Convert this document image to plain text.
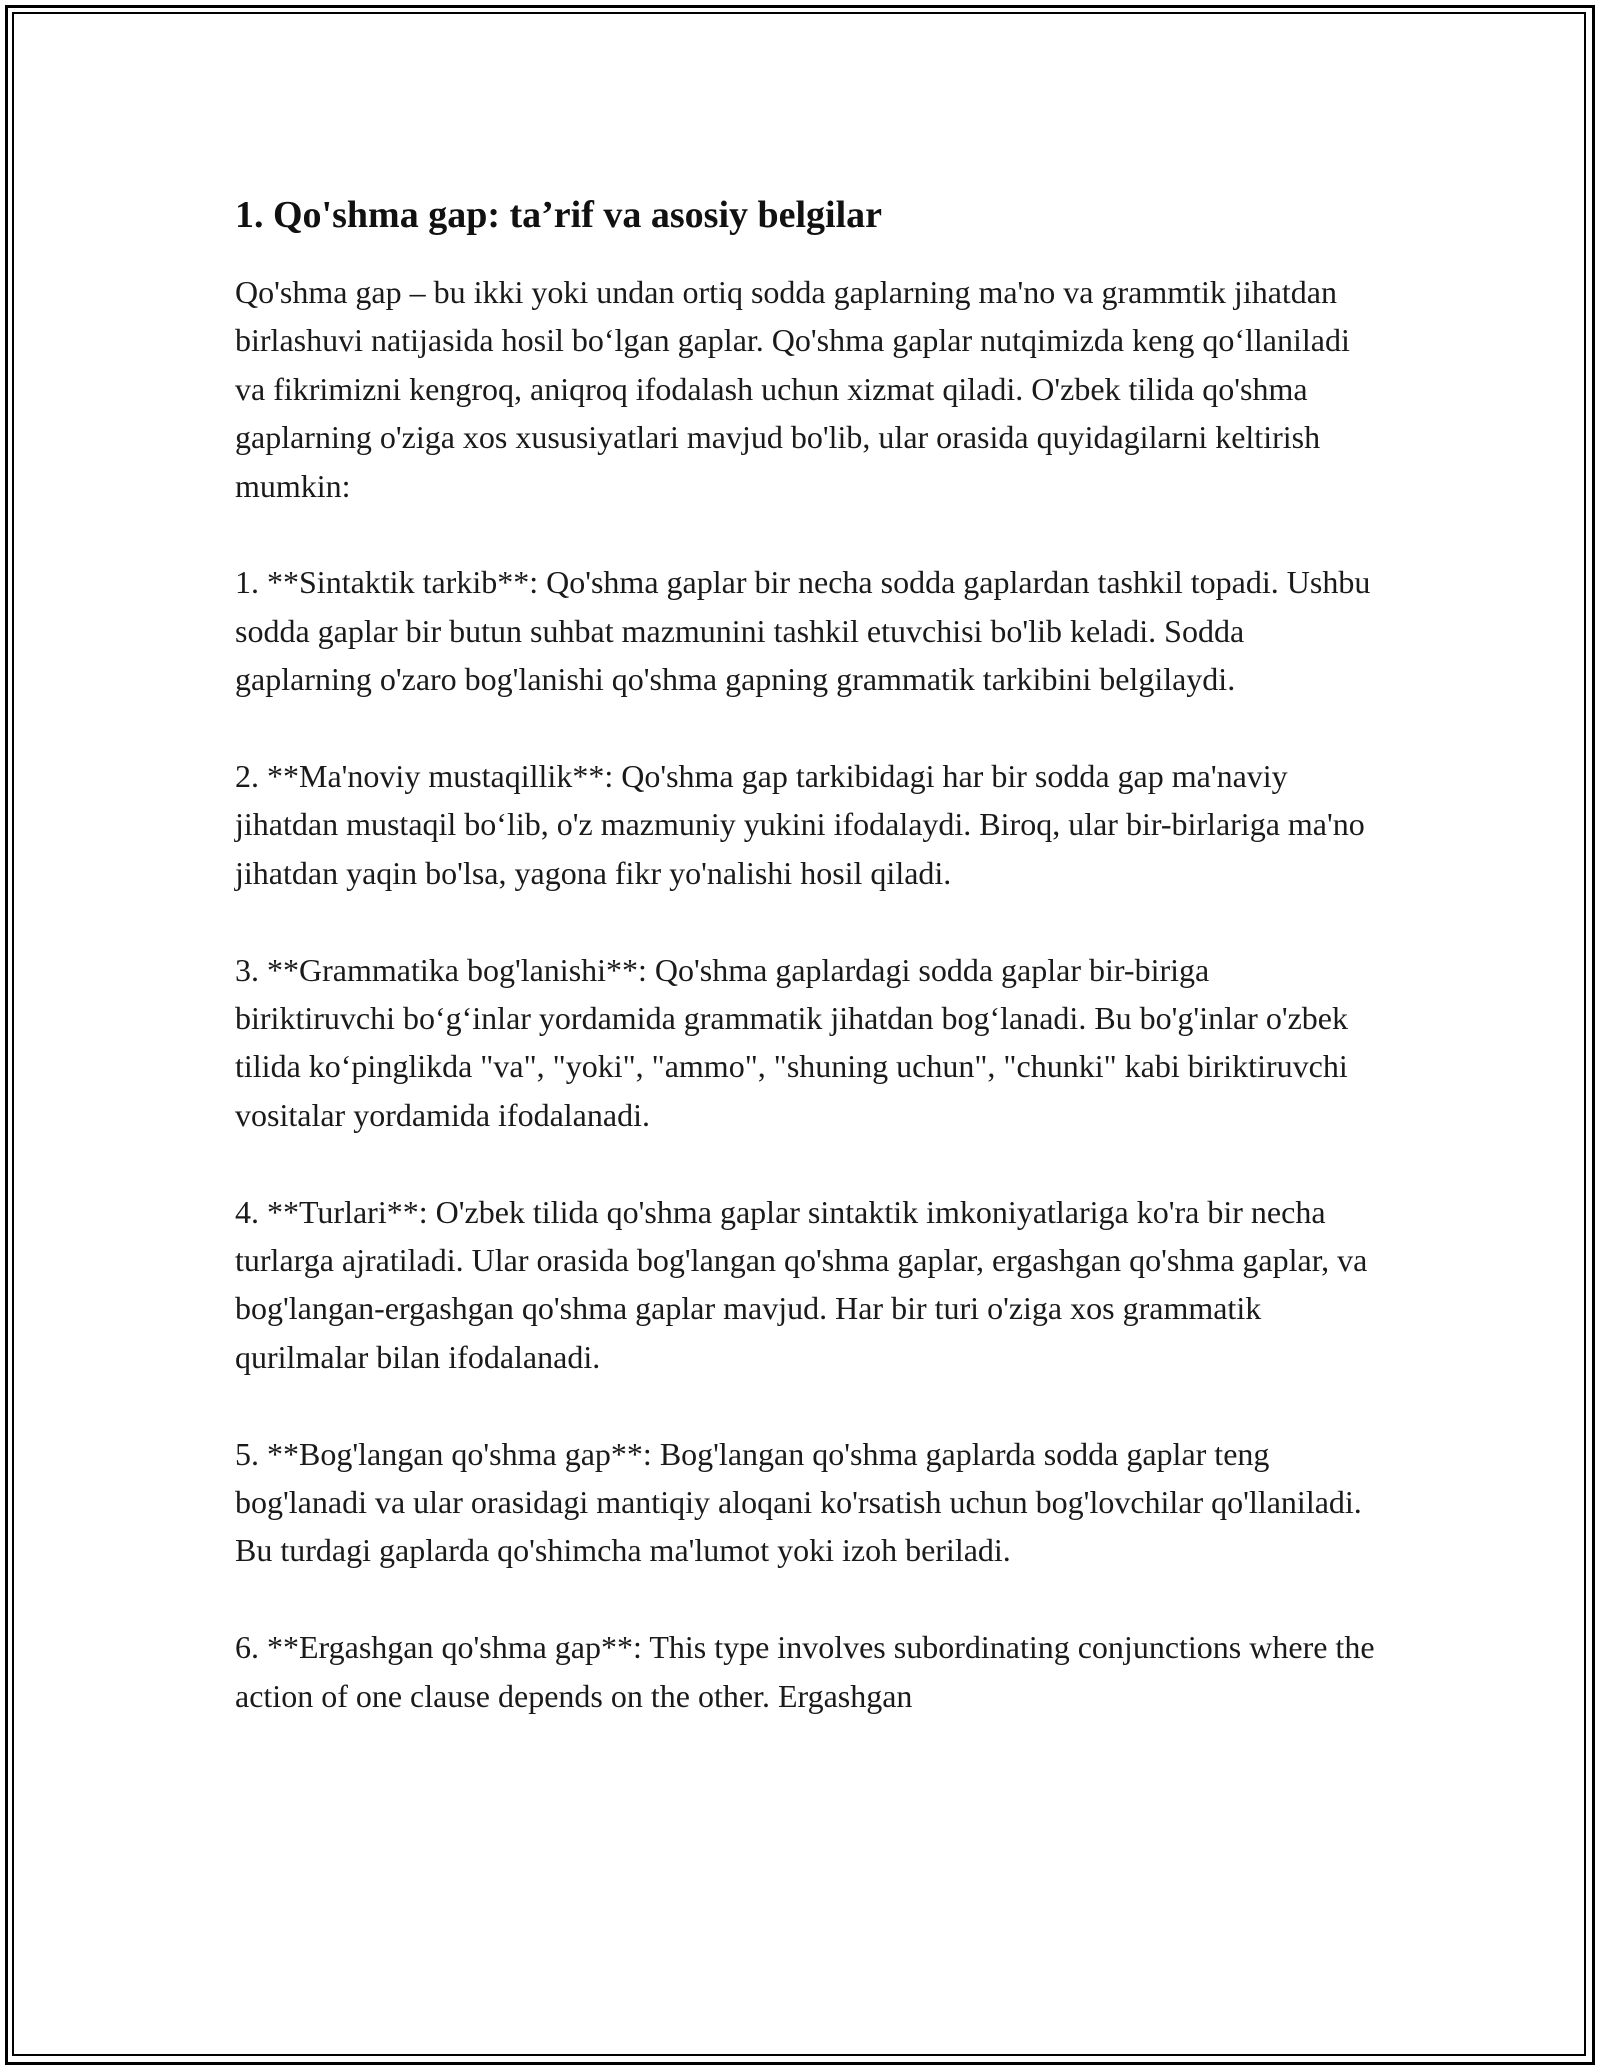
1. Qo'shma gap: ta’rif va asosiy belgilar

Qo'shma gap – bu ikki yoki undan ortiq sodda gaplarning ma'no va grammtik jihatdan birlashuvi natijasida hosil bo‘lgan gaplar. Qo'shma gaplar nutqimizda keng qo‘llaniladi va fikrimizni kengroq, aniqroq ifodalash uchun xizmat qiladi. O'zbek tilida qo'shma gaplarning o'ziga xos xususiyatlari mavjud bo'lib, ular orasida quyidagilarni keltirish mumkin:

1. **Sintaktik tarkib**: Qo'shma gaplar bir necha sodda gaplardan tashkil topadi. Ushbu sodda gaplar bir butun suhbat mazmunini tashkil etuvchisi bo'lib keladi. Sodda gaplarning o'zaro bog'lanishi qo'shma gapning grammatik tarkibini belgilaydi.

2. **Ma'noviy mustaqillik**: Qo'shma gap tarkibidagi har bir sodda gap ma'naviy jihatdan mustaqil bo‘lib, o'z mazmuniy yukini ifodalaydi. Biroq, ular bir-birlariga ma'no jihatdan yaqin bo'lsa, yagona fikr yo'nalishi hosil qiladi.

3. **Grammatika bog'lanishi**: Qo'shma gaplardagi sodda gaplar bir-biriga biriktiruvchi bo‘g‘inlar yordamida grammatik jihatdan bog‘lanadi. Bu bo'g'inlar o'zbek tilida ko‘pinglikda "va", "yoki", "ammo", "shuning uchun", "chunki" kabi biriktiruvchi vositalar yordamida ifodalanadi.

4. **Turlari**: O'zbek tilida qo'shma gaplar sintaktik imkoniyatlariga ko'ra bir necha turlarga ajratiladi. Ular orasida bog'langan qo'shma gaplar, ergashgan qo'shma gaplar, va bog'langan-ergashgan qo'shma gaplar mavjud. Har bir turi o'ziga xos grammatik qurilmalar bilan ifodalanadi.

5. **Bog'langan qo'shma gap**: Bog'langan qo'shma gaplarda sodda gaplar teng bog'lanadi va ular orasidagi mantiqiy aloqani ko'rsatish uchun bog'lovchilar qo'llaniladi. Bu turdagi gaplarda qo'shimcha ma'lumot yoki izoh beriladi.

6. **Ergashgan qo'shma gap**: This type involves subordinating conjunctions where the action of one clause depends on the other. Ergashgan
